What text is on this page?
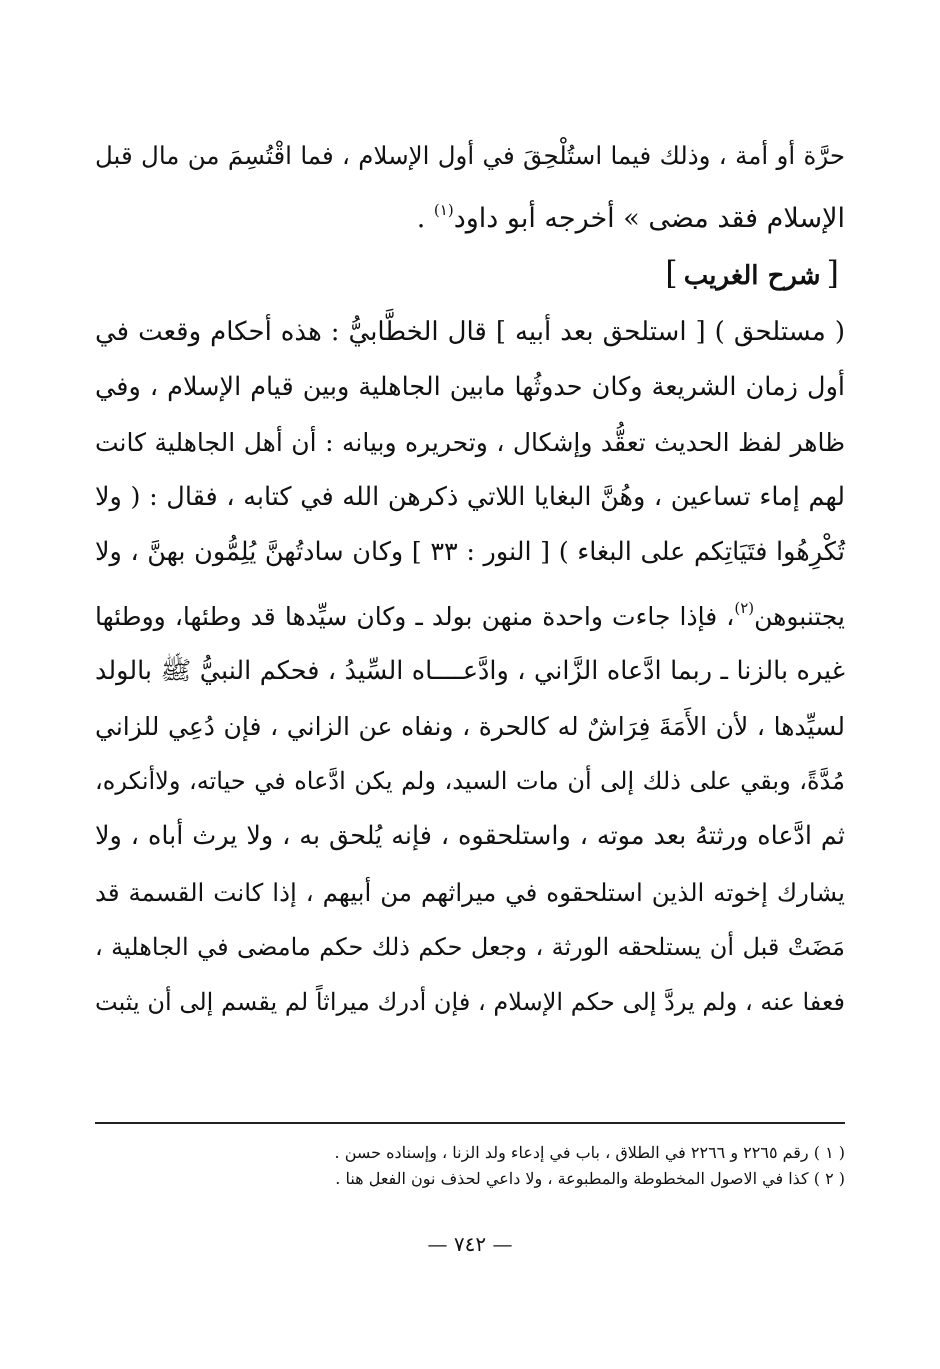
حرَّة أو أمة ، وذلك فيما استُلْحِقَ في أول الإسلام ، فما اقْتُسِمَ من مال قبل
الإسلام فقد مضى » أخرجه أبو داود$^{(١)}$ .
[شرح الغريب]
( مستلحق ) [ استلحق بعد أبيه ] قال الخطَّابيُّ : هذه أحكام وقعت في
أول زمان الشريعة وكان حدوثُها مابين الجاهلية وبين قيام الإسلام ، وفي
ظاهر لفظ الحديث تعقُّد وإشكال ، وتحريره وبيانه : أن أهل الجاهلية كانت
لهم إماء تساعين ، وهُنَّ البغايا اللاتي ذكرهن الله في كتابه ، فقال : ( ولا
تُكْرِهُوا فتَيَاتِكم على البغاء ) [ النور : ٣٣ ] وكان سادتُهنَّ يُلِمُّون بهنَّ ، ولا
يجتنبوهن$^{(٢)}$، فإذا جاءت واحدة منهن بولد ـ وكان سيِّدها قد وطئها، ووطئها
غيره بالزنا ـ ربما ادَّعاه الزَّاني ، وادَّعــــاه السِّيدُ ، فحكم النبيُّ ﷺ بالولد
لسيِّدها ، لأن الأَمَةَ فِرَاشٌ له كالحرة ، ونفاه عن الزاني ، فإن دُعِي للزاني
مُدَّةً، وبقي على ذلك إلى أن مات السيد، ولم يكن ادَّعاه في حياته، ولاأنكره،
ثم ادَّعاه ورثتهُ بعد موته ، واستلحقوه ، فإنه يُلحق به ، ولا يرث أباه ، ولا
يشارك إخوته الذين استلحقوه في ميراثهم من أبيهم ، إذا كانت القسمة قد
مَضَتْ قبل أن يستلحقه الورثة ، وجعل حكم ذلك حكم مامضى في الجاهلية ،
فعفا عنه ، ولم يردَّ إلى حكم الإسلام ، فإن أدرك ميراثاً لم يقسم إلى أن يثبت
( ١ ) رقم ٢٢٦٥ و ٢٢٦٦ في الطلاق ، باب في إدعاء ولد الزنا ، وإسناده حسن .
( ٢ ) كذا في الاصول المخطوطة والمطبوعة ، ولا داعي لحذف نون الفعل هنا .
— ٧٤٢ —
